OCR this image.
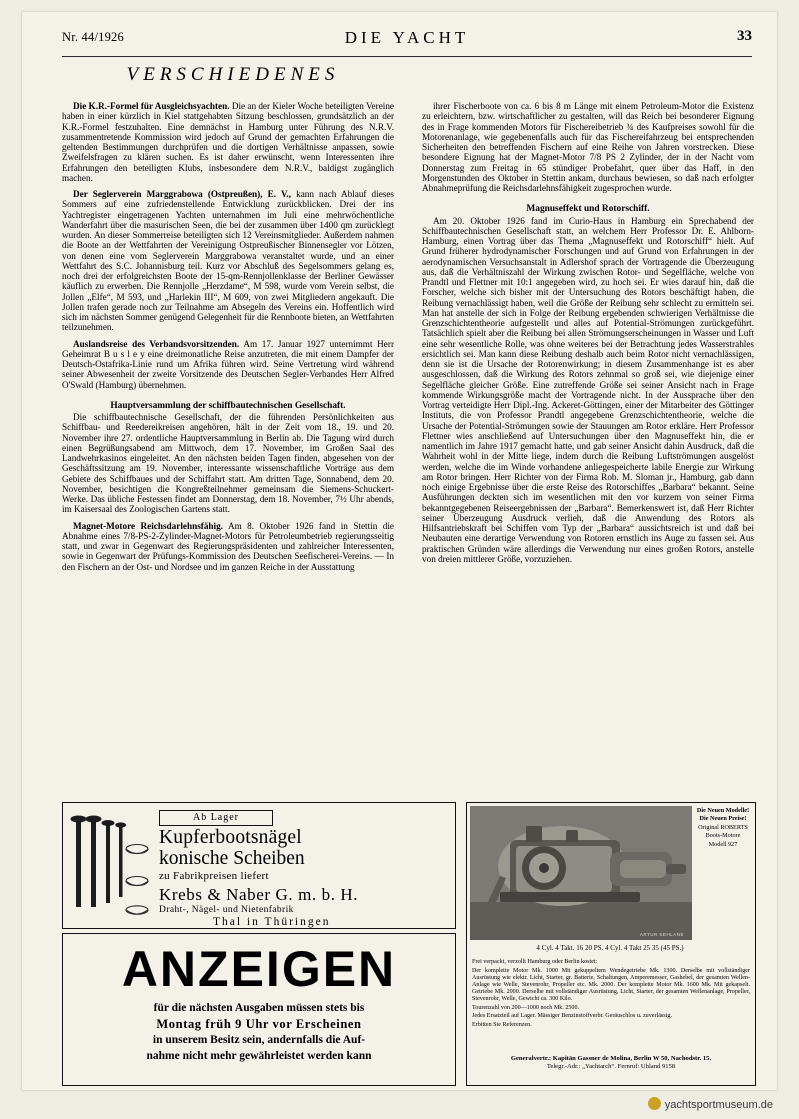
Nr. 44/1926	DIE YACHT	33
VERSCHIEDENES

Die K.R.-Formel für Ausgleichsyachten. Die an der Kieler Woche beteiligten Vereine haben in einer kürzlich in Kiel stattgehabten Sitzung beschlossen, grundsätzlich an der K.R.-Formel festzuhalten. Eine demnächst in Hamburg unter Führung des N.R.V. zusammentretende Kommission wird jedoch auf Grund der gemachten Erfahrungen die geltenden Bestimmungen durchprüfen und die dortigen Verhältnisse anpassen, sowie Zweifelsfragen zu klären suchen. Es ist daher erwünscht, wenn Interessenten ihre Erfahrungen den beteiligten Klubs, insbesondere dem N.R.V., baldigst zugänglich machen.

Der Seglerverein Marggrabowa (Ostpreußen), E. V., kann nach Ablauf dieses Sommers auf eine zufriedenstellende Entwicklung zurückblicken. Drei der ins Yachtregister eingetragenen Yachten unternahmen im Juli eine mehrwöchentliche Wanderfahrt über die masurischen Seen, die bei der zusammen über 1400 qm zurücklegt wurden. An dieser Sommerreise beteiligten sich 12 Vereinsmitglieder. Außerdem nahmen die Boote an der Wettfahrten der Vereinigung Ostpreußischer Binnensegler vor Lötzen, von denen eine vom Seglerverein Marggrabowa veranstaltet wurde, und an einer Wettfahrt des S.C. Johannisburg teil. Kurz vor Abschluß des Segelsommers gelang es, noch drei der erfolgreichsten Boote der 15-qm-Rennjollenklasse der Berliner Gewässer käuflich zu erwerben. Die Rennjolle „Herzdame“, M 598, wurde vom Verein selbst, die Jollen „Elfe“, M 593, und „Harlekin III“, M 609, von zwei Mitgliedern angekauft. Die Jollen trafen gerade noch zur Teilnahme am Absegeln des Vereins ein. Hoffentlich wird sich im nächsten Sommer genügend Gelegenheit für die Rennboote bieten, an Wettfahrten teilzunehmen.

Auslandsreise des Verbandsvorsitzenden. Am 17. Januar 1927 unternimmt Herr Geheimrat B u s l e y eine dreimonatliche Reise anzutreten, die mit einem Dampfer der Deutsch-Ostafrika-Linie rund um Afrika führen wird. Seine Vertretung wird während seiner Abwesenheit der zweite Vorsitzende des Deutschen Segler-Verbandes Herr Alfred O'Swald (Hamburg) übernehmen.

Hauptversammlung der schiffbautechnischen Gesellschaft.

Die schiffbautechnische Gesellschaft, der die führenden Persönlichkeiten aus Schiffbau- und Reedereikreisen angehören, hält in der Zeit vom 18., 19. und 20. November ihre 27. ordentliche Hauptversammlung in Berlin ab. Die Tagung wird durch einen Begrüßungsabend am Mittwoch, dem 17. November, im Großen Saal des Landwehrkasinos eingeleitet. An den nächsten beiden Tagen finden, abgesehen von der Geschäftssitzung am 19. November, interessante wissenschaftliche Vorträge aus dem Gebiete des Schiffbaues und der Schiffahrt statt. Am dritten Tage, Sonnabend, dem 20. November, besichtigen die Kongreßteilnehmer gemeinsam die Siemens-Schuckert-Werke. Das übliche Festessen findet am Donnerstag, dem 18. November, 7½ Uhr abends, im Kaisersaal des Zoologischen Gartens statt.

Magnet-Motore Reichsdarlehnsfähig. Am 8. Oktober 1926 fand in Stettin die Abnahme eines 7/8-PS-2-Zylinder-Magnet-Motors für Petroleumbetrieb regierungsseitig statt, und zwar in Gegenwart des Regierungspräsidenten und zahlreicher Interessenten, sowie in Gegenwart der Prüfungs-Kommission des Deutschen Seefischerei-Vereins. — In den Fischern an der Ost- und Nordsee und im ganzen Reiche in der Ausstattung

ihrer Fischerboote von ca. 6 bis 8 m Länge mit einem Petroleum-Motor die Existenz zu erleichtern, bzw. wirtschaftlicher zu gestalten, will das Reich bei besonderer Eignung des in Frage kommenden Motors für Fischereibetrieb ¾ des Kaufpreises sowohl für die Motorenanlage, wie gegebenenfalls auch für das Fischereifahrzeug bei entsprechenden Sicherheiten den betreffenden Fischern auf eine Reihe von Jahren vorstrecken. Diese besondere Eignung hat der Magnet-Motor 7/8 PS 2 Zylinder, der in der Nacht vom Donnerstag zum Freitag in 65 stündiger Probefahrt, quer über das Haff, in den Morgenstunden des Oktober in Stettin ankam, durchaus bewiesen, so daß nach erfolgter Abnahmeprüfung die Reichsdarlehnsfähigkeit zugesprochen wurde.

Magnuseffekt und Rotorschiff.

Am 20. Oktober 1926 fand im Curio-Haus in Hamburg ein Sprechabend der Schiffbautechnischen Gesellschaft statt, an welchem Herr Professor Dr. E. Ahlborn-Hamburg, einen Vortrag über das Thema „Magnuseffekt und Rotorschiff“ hielt. Auf Grund früherer hydrodynamischer Forschungen und auf Grund von Erfahrungen in der aerodynamischen Versuchsanstalt in Adlershof sprach der Vortragende die Überzeugung aus, daß die Verhältniszahl der Wirkung zwischen Rotor- und Segelfläche, welche von Prandtl und Flettner mit 10:1 angegeben wird, zu hoch sei. Er wies darauf hin, daß die Forscher, welche sich bisher mit der Untersuchung des Rotors beschäftigt haben, die Reibung vernachlässigt haben, weil die Größe der Reibung sehr schlecht zu ermitteln sei. Man hat anstelle der sich in Folge der Reibung ergebenden schwierigen Verhältnisse die Grenzschichtentheorie aufgestellt und alles auf Potential-Strömungen zurückgeführt. Tatsächlich spielt aber die Reibung bei allen Strömungserscheinungen in Wasser und Luft eine sehr wesentliche Rolle, was ohne weiteres bei der Betrachtung jedes Wasserstrahles ersichtlich sei. Man kann diese Reibung deshalb auch beim Rotor nicht vernachlässigen, denn sie ist die Ursache der Rotorenwirkung; in diesem Zusammenhange ist es aber ausgeschlossen, daß die Wirkung des Rotors zehnmal so groß sei, wie diejenige einer Segelfläche gleicher Größe. Eine zutreffende Größe sei seiner Ansicht nach in Frage kommende Wirkungsgröße macht der Vortragende nicht. In der Aussprache über den Vortrag verteidigte Herr Dipl.-Ing. Ackeret-Göttingen, einer der Mitarbeiter des Göttinger Instituts, die von Professor Prandtl angegebene Grenzschichtentheorie, welche die Ursache der Potential-Strömungen sowie der Stauungen am Rotor erkläre. Herr Professor Flettner wies anschließend auf Untersuchungen über den Magnuseffekt hin, die er namentlich im Jahre 1917 gemacht hatte, und gab seiner Ansicht dahin Ausdruck, daß die Wahrheit wohl in der Mitte liege, indem durch die Reibung Luftströmungen ausgelöst werden, welche die im Winde vorhandene anliegespeicherte labile Energie zur Wirkung am Rotor bringen. Herr Richter von der Firma Rob. M. Sloman jr., Hamburg, gab dann noch einige Ergebnisse über die erste Reise des Rotorschiffes „Barbara“ bekannt. Seine Ausführungen deckten sich im wesentlichen mit den vor kurzem von seiner Firma bekanntgegebenen Reiseergebnissen der „Barbara“. Bemerkenswert ist, daß Herr Richter seiner Überzeugung Ausdruck verlieh, daß die Anwendung des Rotors als Hilfsantriebskraft bei Schiffen vom Typ der „Barbara“ aussichtsreich ist und daß bei Neubauten eine derartige Verwendung von Rotoren ernstlich ins Auge zu fassen sei. Aus praktischen Gründen wäre allerdings die Verwendung nur eines großen Rotors, anstelle von dreien mittlerer Größe, vorzuziehen.

Ab Lager
Kupferbootsnägel
konische Scheiben
zu Fabrikpreisen liefert
Krebs & Naber G. m. b. H.
Draht-, Nägel- und Nietenfabrik
Thal in Thüringen
ANZEIGEN
für die nächsten Ausgaben müssen stets bis
Montag früh 9 Uhr vor Erscheinen
in unserem Besitz sein, andernfalls die Auf-
nahme nicht mehr gewährleistet werden kann
ARTUR KEHLANE
Die Neuen Modelle!
Die Neuen Preise!
Original ROBERTS
Boots-Motore
Modell 927
4 Cyl. 4 Takt. 16 20 PS. 4 Cyl. 4 Takt 25 35 (45 PS.)

Frei verpackt, verzollt Hamburg oder Berlin kostet:

Der komplette Motor Mk. 1000 Mit gekuppeltem Wendegetriebe Mk. 1300. Derselbe mit vollständiger Ausrüstung wie elektr. Licht, Starter, gr. Batterie, Schaltungen, Amperemesser, Gashebel, der gesamten Wellen-Anlage wie Welle, Stevenrohr, Propeller etc. Mk. 2000. Der komplette Motor Mk. 1600 Mk. Mit gekapselt. Getriebe Mk. 2000. Derselbe mit vollständiger Ausrüstung, Licht, Starter, der gesamten Wellenanlage, Propeller, Stevenrohr, Welle, Gewicht ca. 300 Kilo.

Tourenzahl von 200—1000 noch Mk. 2500.

Jedes Ersatzteil auf Lager. Mässiger Benzinstoffverbr. Geräuschlos u. zuverlässig.

Erbitten Sie Referenzen.

Generalvertr.: Kapitän Gassner de Molina, Berlin W 50, Nachodstr. 15.
Telegr.-Adr.: „Yachtarch“. Fernruf: Uhland 9158
yachtsportmuseum.de
